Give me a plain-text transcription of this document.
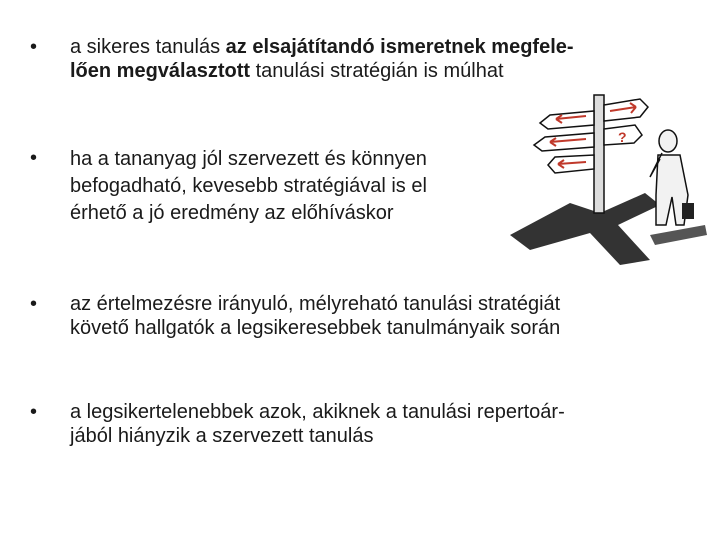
• a sikeres tanulás az elsajátítandó ismeretnek megfele-
lően megválasztott tanulási stratégián is múlhat
• ha a tananyag jól szervezett és könnyen
befogadható, kevesebb stratégiával is el
érhető a jó eredmény az előhíváskor
• az értelmezésre irányuló, mélyreható tanulási stratégiát
követő hallgatók a legsikeresebbek tanulmányaik során
• a legsikertelenebbek azok, akiknek a tanulási repertoár-
jából hiányzik a szervezett tanulás
?
